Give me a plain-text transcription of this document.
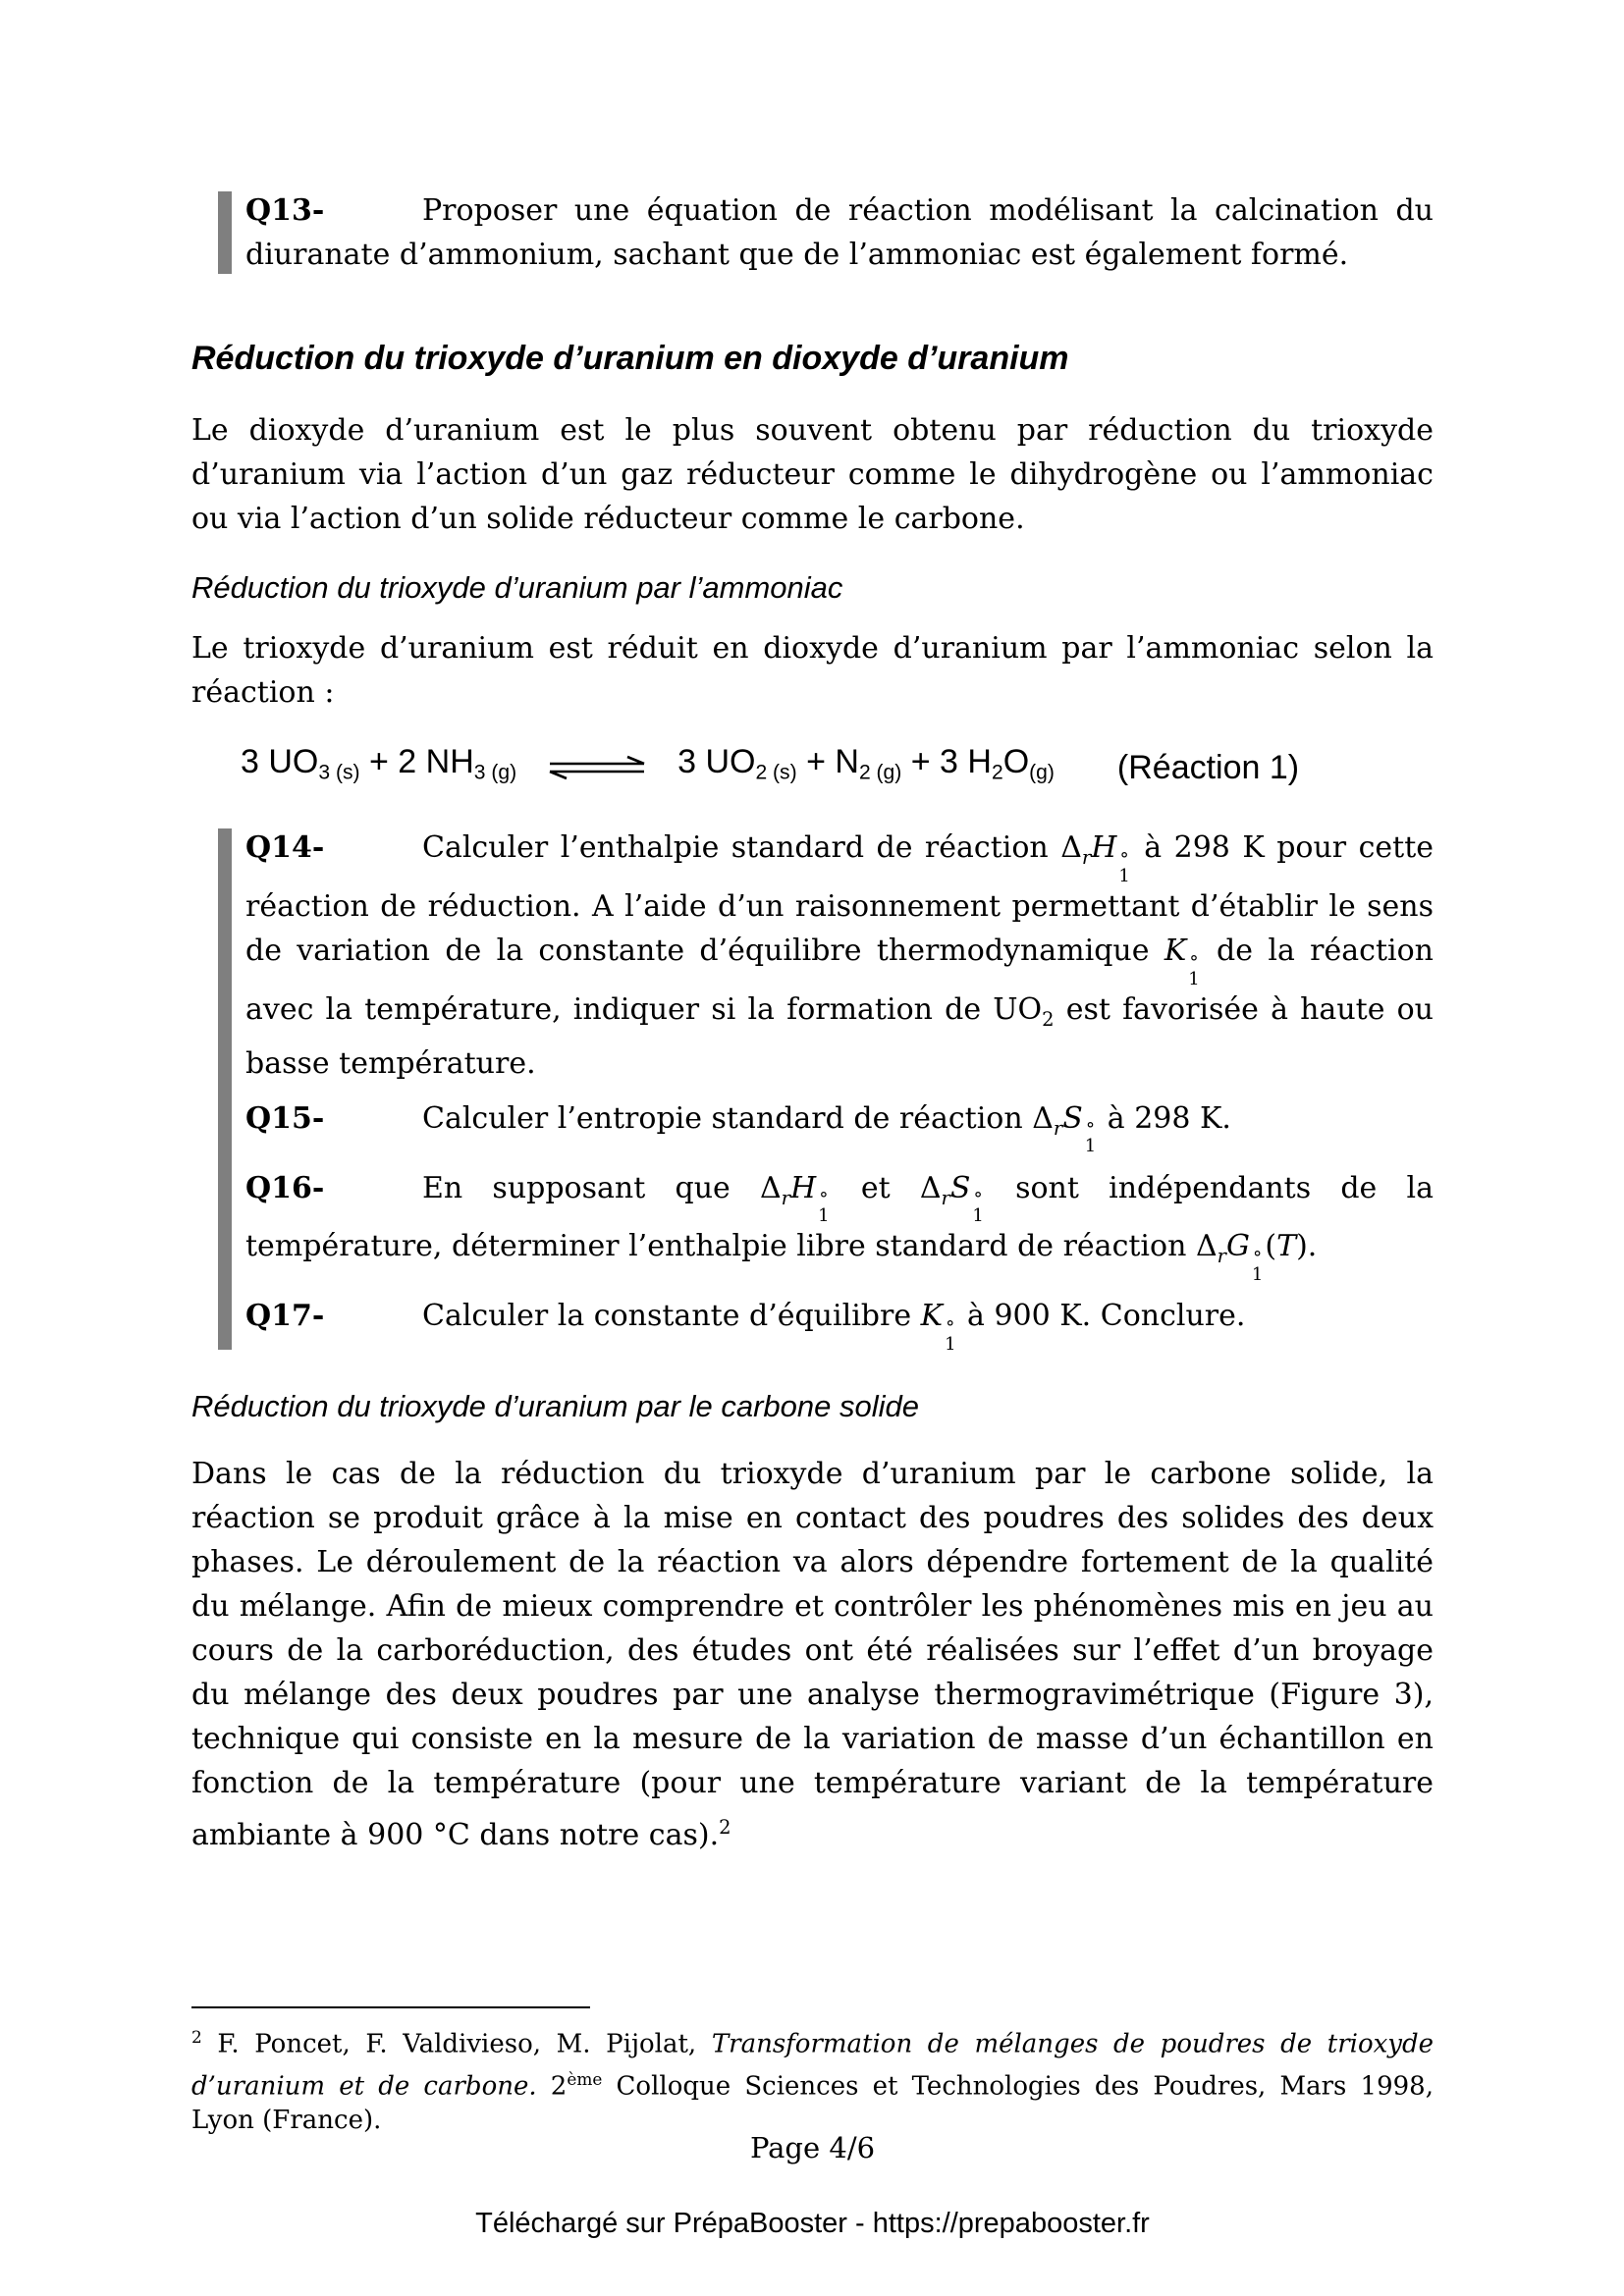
Q13-	Proposer une équation de réaction modélisant la calcination du diuranate d’ammonium, sachant que de l’ammoniac est également formé.

Réduction du trioxyde d’uranium en dioxyde d’uranium

Le dioxyde d’uranium est le plus souvent obtenu par réduction du trioxyde d’uranium via l’action d’un gaz réducteur comme le dihydrogène ou l’ammoniac ou via l’action d’un solide réducteur comme le carbone.

Réduction du trioxyde d’uranium par l’ammoniac

Le trioxyde d’uranium est réduit en dioxyde d’uranium par l’ammoniac selon la réaction :

3 $UO_{3 (s)} + 2$ $NH_{3 (g)}$ ⇌ 3 $UO_{2 (s)} + N_{2 (g)} + 3$ $H_2O_{(g)}$ (Réaction 1)

Q14-	Calculer l’enthalpie standard de réaction $\Delta_rH$ °
1
à 298 K pour cette réaction de réduction. A l’aide d’un raisonnement permettant d’établir le sens de variation de la constante d’équilibre thermodynamique K °
1
de la réaction avec la température, indiquer si la formation de $UO_2$ est favorisée à haute ou basse température.

Q15-	Calculer l’entropie standard de réaction $\Delta_rS$ °
1
à 298 K.

Q16-	En supposant que $\Delta_rH$ °
1
et $\Delta_rS$ °
1
sont indépendants de la température, déterminer l’enthalpie libre standard de réaction $\Delta_rG$ °
1
(T).

Q17-	Calculer la constante d’équilibre K °
1
à 900 K. Conclure.

Réduction du trioxyde d’uranium par le carbone solide

Dans le cas de la réduction du trioxyde d’uranium par le carbone solide, la réaction se produit grâce à la mise en contact des poudres des solides des deux phases. Le déroulement de la réaction va alors dépendre fortement de la qualité du mélange. Afin de mieux comprendre et contrôler les phénomènes mis en jeu au cours de la carboréduction, des études ont été réalisées sur l’effet d’un broyage du mélange des deux poudres par une analyse thermogravimétrique (Figure 3), technique qui consiste en la mesure de la variation de masse d’un échantillon en fonction de la température (pour une température variant de la température ambiante à 900 °C dans notre cas).$^2$

$^2$ F. Poncet, F. Valdivieso, M. Pijolat, Transformation de mélanges de poudres de trioxyde d’uranium et de carbone. 2ème Colloque Sciences et Technologies des Poudres, Mars 1998, Lyon (France).

Page 4/6
Téléchargé sur PrépaBooster - https://prepabooster.fr
